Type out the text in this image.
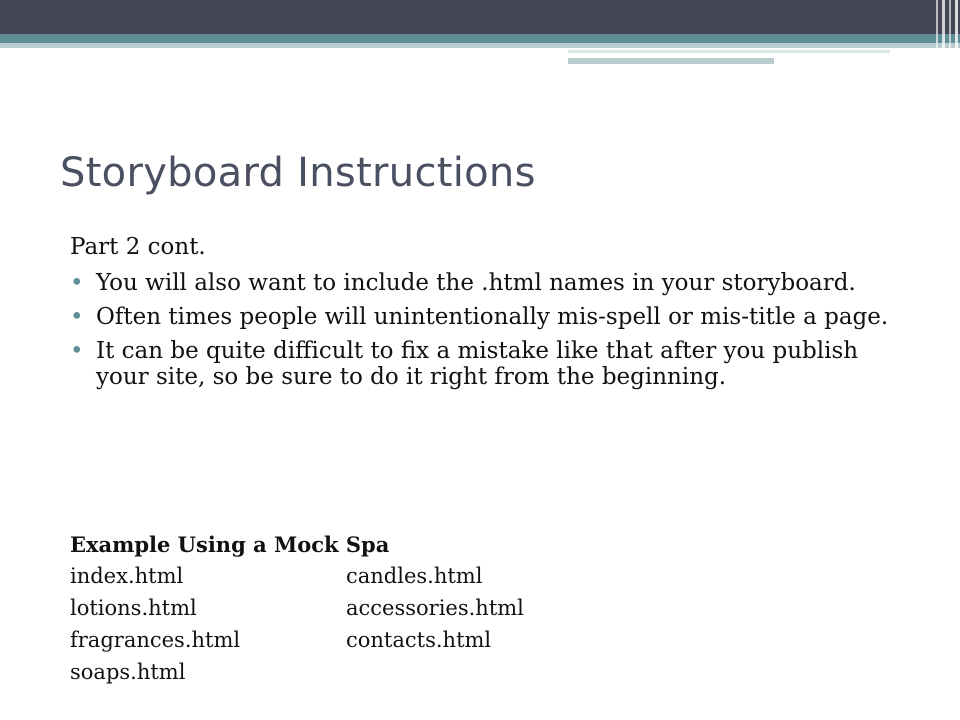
Storyboard Instructions
Part 2 cont.
• You will also want to include the .html names in your storyboard.
• Often times people will unintentionally mis-spell or mis-title a page.
• It can be quite difficult to fix a mistake like that after you publish your site, so be sure to do it right from the beginning.
Example Using a Mock Spa
index.html	candles.html
lotions.html	accessories.html
fragrances.html	contacts.html
soaps.html
